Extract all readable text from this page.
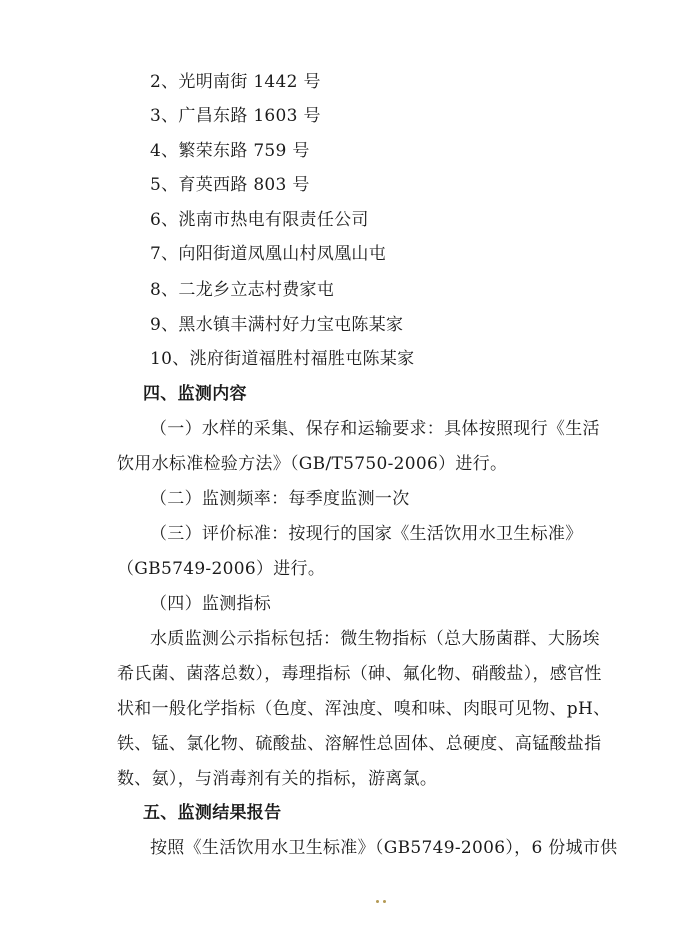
2、光明南街 1442 号
3、广昌东路 1603 号
4、繁荣东路 759 号
5、育英西路 803 号
6、洮南市热电有限责任公司
7、向阳街道凤凰山村凤凰山屯
8、二龙乡立志村费家屯
9、黑水镇丰满村好力宝屯陈某家
10、洮府街道福胜村福胜屯陈某家
四、监测内容
（一）水样的采集、保存和运输要求：具体按照现行《生活
饮用水标准检验方法》（GB/T5750-2006）进行。
（二）监测频率：每季度监测一次
（三）评价标准：按现行的国家《生活饮用水卫生标准》
（GB5749-2006）进行。
（四）监测指标
水质监测公示指标包括：微生物指标（总大肠菌群、大肠埃
希氏菌、菌落总数），毒理指标（砷、氟化物、硝酸盐），感官性
状和一般化学指标（色度、浑浊度、嗅和味、肉眼可见物、pH、
铁、锰、氯化物、硫酸盐、溶解性总固体、总硬度、高锰酸盐指
数、氨），与消毒剂有关的指标，游离氯。
五、监测结果报告
按照《生活饮用水卫生标准》（GB5749-2006），6 份城市供
